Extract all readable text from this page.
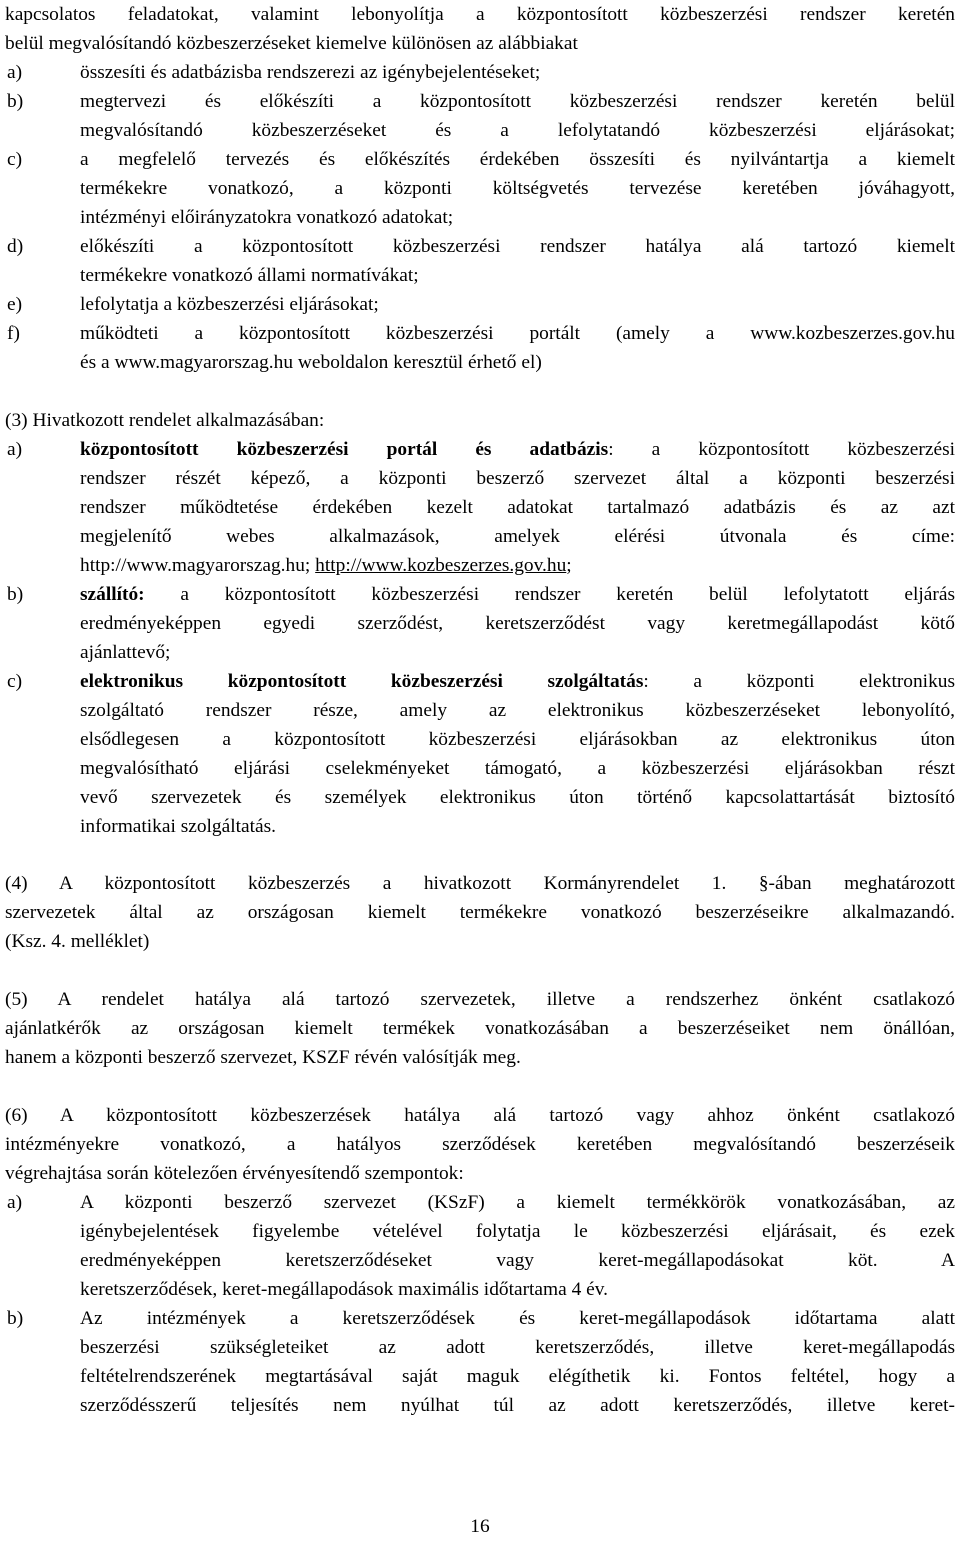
kapcsolatos feladatokat, valamint lebonyolítja a központosított közbeszerzési rendszer keretén
belül megvalósítandó közbeszerzéseket kiemelve különösen az alábbiakat
a)	összesíti és adatbázisba rendszerezi az igénybejelentéseket;
b)	megtervezi és előkészíti a központosított közbeszerzési rendszer keretén belül
megvalósítandó közbeszerzéseket és a lefolytatandó közbeszerzési eljárásokat;
c)	a megfelelő tervezés és előkészítés érdekében összesíti és nyilvántartja a kiemelt
termékekre vonatkozó, a központi költségvetés tervezése keretében jóváhagyott,
intézményi előirányzatokra vonatkozó adatokat;
d)	előkészíti a központosított közbeszerzési rendszer hatálya alá tartozó kiemelt
termékekre vonatkozó állami normatívákat;
e)	lefolytatja a közbeszerzési eljárásokat;
f)	működteti a központosított közbeszerzési portált (amely a www.kozbeszerzes.gov.hu
és a www.magyarorszag.hu weboldalon keresztül érhető el)
(3) Hivatkozott rendelet alkalmazásában:
a)	központosított közbeszerzési portál és adatbázis: a központosított közbeszerzési
rendszer részét képező, a központi beszerző szervezet által a központi beszerzési
rendszer működtetése érdekében kezelt adatokat tartalmazó adatbázis és az azt
megjelenítő webes alkalmazások, amelyek elérési útvonala és címe:
http://www.magyarorszag.hu; http://www.kozbeszerzes.gov.hu;
b)	szállító: a központosított közbeszerzési rendszer keretén belül lefolytatott eljárás
eredményeképpen egyedi szerződést, keretszerződést vagy keretmegállapodást kötő
ajánlattevő;
c)	elektronikus központosított közbeszerzési szolgáltatás: a központi elektronikus
szolgáltató rendszer része, amely az elektronikus közbeszerzéseket lebonyolító,
elsődlegesen a központosított közbeszerzési eljárásokban az elektronikus úton
megvalósítható eljárási cselekményeket támogató, a közbeszerzési eljárásokban részt
vevő szervezetek és személyek elektronikus úton történő kapcsolattartását biztosító
informatikai szolgáltatás.
(4) A központosított közbeszerzés a hivatkozott Kormányrendelet 1. §-ában meghatározott
szervezetek által az országosan kiemelt termékekre vonatkozó beszerzéseikre alkalmazandó.
(Ksz. 4. melléklet)
(5) A rendelet hatálya alá tartozó szervezetek, illetve a rendszerhez önként csatlakozó
ajánlatkérők az országosan kiemelt termékek vonatkozásában a beszerzéseiket nem önállóan,
hanem a központi beszerző szervezet, KSZF révén valósítják meg.
(6) A központosított közbeszerzések hatálya alá tartozó vagy ahhoz önként csatlakozó
intézményekre vonatkozó, a hatályos szerződések keretében megvalósítandó beszerzéseik
végrehajtása során kötelezően érvényesítendő szempontok:
a)	A központi beszerző szervezet (KSzF) a kiemelt termékkörök vonatkozásában, az
igénybejelentések figyelembe vételével folytatja le közbeszerzési eljárásait, és ezek
eredményeképpen keretszerződéseket vagy keret-megállapodásokat köt. A
keretszerződések, keret-megállapodások maximális időtartama 4 év.
b)	Az intézmények a keretszerződések és keret-megállapodások időtartama alatt
beszerzési szükségleteiket az adott keretszerződés, illetve keret-megállapodás
feltételrendszerének megtartásával saját maguk elégíthetik ki. Fontos feltétel, hogy a
szerződésszerű teljesítés nem nyúlhat túl az adott keretszerződés, illetve keret-
16
